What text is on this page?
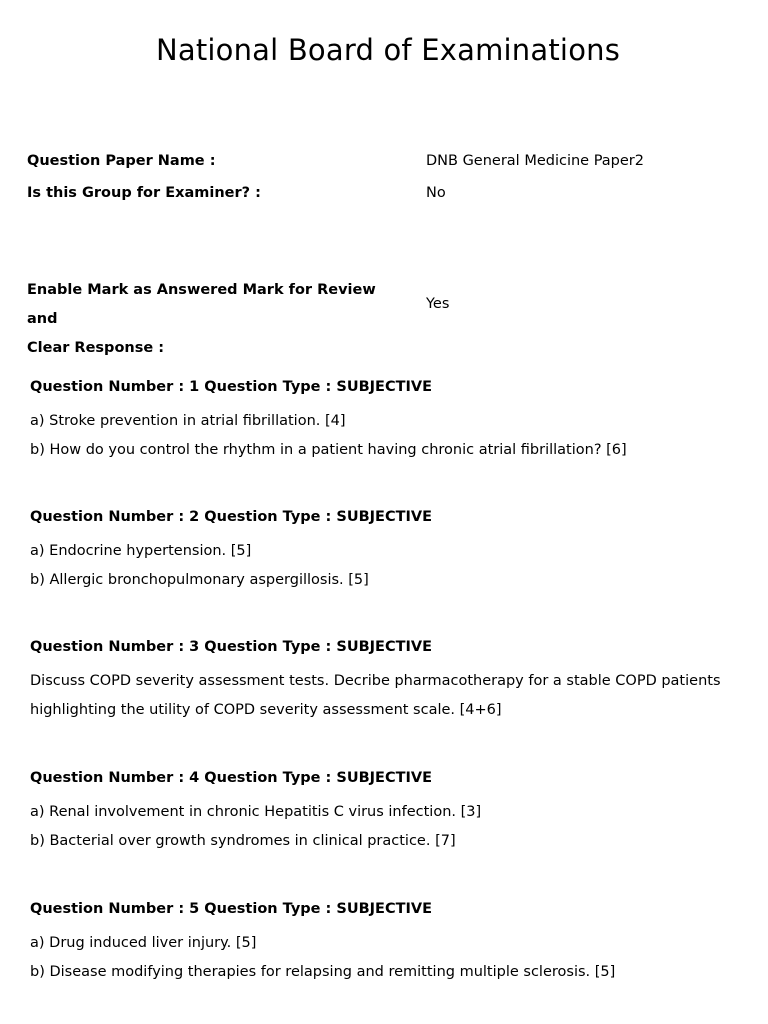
National Board of Examinations
Question Paper Name :	DNB General Medicine Paper2
Is this Group for Examiner? :	No
Enable Mark as Answered Mark for Review and
Clear Response :
Yes
Question Number : 1 Question Type : SUBJECTIVE
a) Stroke prevention in atrial fibrillation. [4]
b) How do you control the rhythm in a patient having chronic atrial fibrillation? [6]
Question Number : 2 Question Type : SUBJECTIVE
a) Endocrine hypertension. [5]
b) Allergic bronchopulmonary aspergillosis. [5]
Question Number : 3 Question Type : SUBJECTIVE
Discuss COPD severity assessment tests. Decribe pharmacotherapy for a stable COPD patients
highlighting the utility of COPD severity assessment scale. [4+6]
Question Number : 4 Question Type : SUBJECTIVE
a) Renal involvement in chronic Hepatitis C virus infection. [3]
b) Bacterial over growth syndromes in clinical practice. [7]
Question Number : 5 Question Type : SUBJECTIVE
a) Drug induced liver injury. [5]
b) Disease modifying therapies for relapsing and remitting multiple sclerosis. [5]
